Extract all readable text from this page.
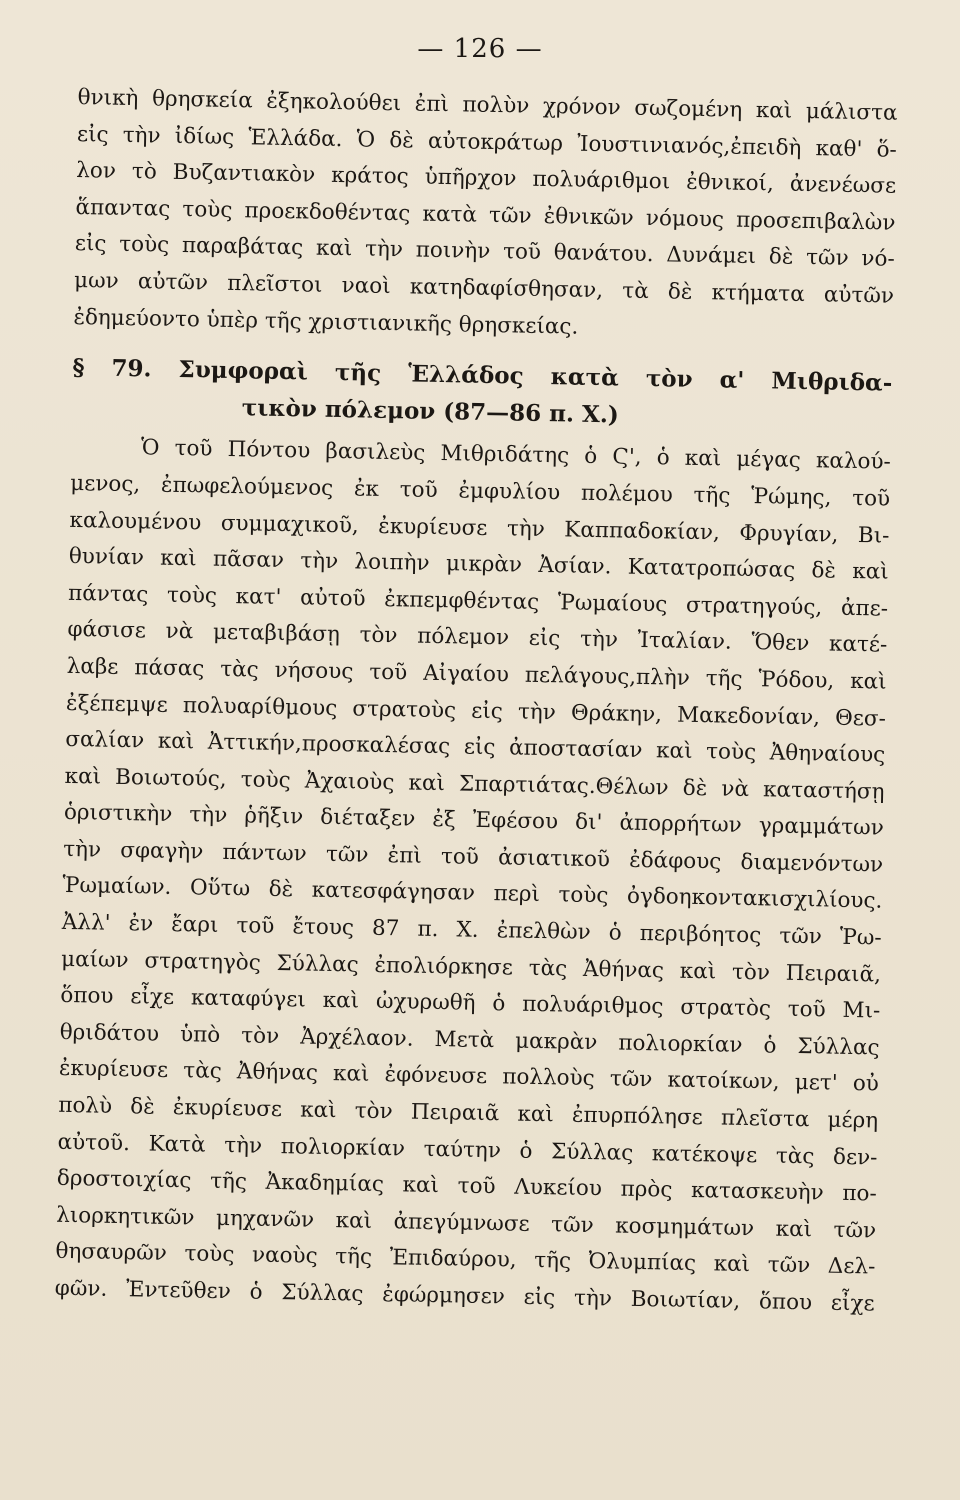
— 126 —
θνικὴ θρησκεία ἐξηκολούθει ἐπὶ πολὺν χρόνον σωζομένη καὶ μάλιστα
εἰς τὴν ἰδίως Ἑλλάδα. Ὁ δὲ αὐτοκράτωρ Ἰουστινιανός,ἐπειδὴ καθ' ὅ-
λον τὸ Βυζαντιακὸν κράτος ὑπῆρχον πολυάριθμοι ἐθνικοί, ἀνενέωσε
ἅπαντας τοὺς προεκδοθέντας κατὰ τῶν ἐθνικῶν νόμους προσεπιβαλὼν
εἰς τοὺς παραβάτας καὶ τὴν ποινὴν τοῦ θανάτου. Δυνάμει δὲ τῶν νό-
μων αὐτῶν πλεῖστοι ναοὶ κατηδαφίσθησαν, τὰ δὲ κτήματα αὐτῶν
ἐδημεύοντο ὑπὲρ τῆς χριστιανικῆς θρησκείας.
§ 79. Συμφοραὶ τῆς Ἑλλάδος κατὰ τὸν α' Μιθριδα-
τικὸν πόλεμον (87—86 π. Χ.)
Ὁ τοῦ Πόντου βασιλεὺς Μιθριδάτης ὁ Ϛ', ὁ καὶ μέγας καλού-
μενος, ἐπωφελούμενος ἐκ τοῦ ἐμφυλίου πολέμου τῆς Ῥώμης, τοῦ
καλουμένου συμμαχικοῦ, ἐκυρίευσε τὴν Καππαδοκίαν, Φρυγίαν, Βι-
θυνίαν καὶ πᾶσαν τὴν λοιπὴν μικρὰν Ἀσίαν. Κατατροπώσας δὲ καὶ
πάντας τοὺς κατ' αὐτοῦ ἐκπεμφθέντας Ῥωμαίους στρατηγούς, ἀπε-
φάσισε νὰ μεταβιβάσῃ τὸν πόλεμον εἰς τὴν Ἰταλίαν. Ὅθεν κατέ-
λαβε πάσας τὰς νήσους τοῦ Αἰγαίου πελάγους,πλὴν τῆς Ῥόδου, καὶ
ἐξέπεμψε πολυαρίθμους στρατοὺς εἰς τὴν Θράκην, Μακεδονίαν, Θεσ-
σαλίαν καὶ Ἀττικήν,προσκαλέσας εἰς ἀποστασίαν καὶ τοὺς Ἀθηναίους
καὶ Βοιωτούς, τοὺς Ἀχαιοὺς καὶ Σπαρτιάτας.Θέλων δὲ νὰ καταστήσῃ
ὁριστικὴν τὴν ῥῆξιν διέταξεν ἐξ Ἐφέσου δι' ἀπορρήτων γραμμάτων
τὴν σφαγὴν πάντων τῶν ἐπὶ τοῦ ἀσιατικοῦ ἐδάφους διαμενόντων
Ῥωμαίων. Οὕτω δὲ κατεσφάγησαν περὶ τοὺς ὀγδοηκοντακισχιλίους.
Ἀλλ' ἐν ἔαρι τοῦ ἔτους 87 π. Χ. ἐπελθὼν ὁ περιβόητος τῶν Ῥω-
μαίων στρατηγὸς Σύλλας ἐπολιόρκησε τὰς Ἀθήνας καὶ τὸν Πειραιᾶ,
ὅπου εἶχε καταφύγει καὶ ὠχυρωθῆ ὁ πολυάριθμος στρατὸς τοῦ Μι-
θριδάτου ὑπὸ τὸν Ἀρχέλαον. Μετὰ μακρὰν πολιορκίαν ὁ Σύλλας
ἐκυρίευσε τὰς Ἀθήνας καὶ ἐφόνευσε πολλοὺς τῶν κατοίκων, μετ' οὐ
πολὺ δὲ ἐκυρίευσε καὶ τὸν Πειραιᾶ καὶ ἐπυρπόλησε πλεῖστα μέρη
αὐτοῦ. Κατὰ τὴν πολιορκίαν ταύτην ὁ Σύλλας κατέκοψε τὰς δεν-
δροστοιχίας τῆς Ἀκαδημίας καὶ τοῦ Λυκείου πρὸς κατασκευὴν πο-
λιορκητικῶν μηχανῶν καὶ ἀπεγύμνωσε τῶν κοσμημάτων καὶ τῶν
θησαυρῶν τοὺς ναοὺς τῆς Ἐπιδαύρου, τῆς Ὀλυμπίας καὶ τῶν Δελ-
φῶν. Ἐντεῦθεν ὁ Σύλλας ἐφώρμησεν εἰς τὴν Βοιωτίαν, ὅπου εἶχε
